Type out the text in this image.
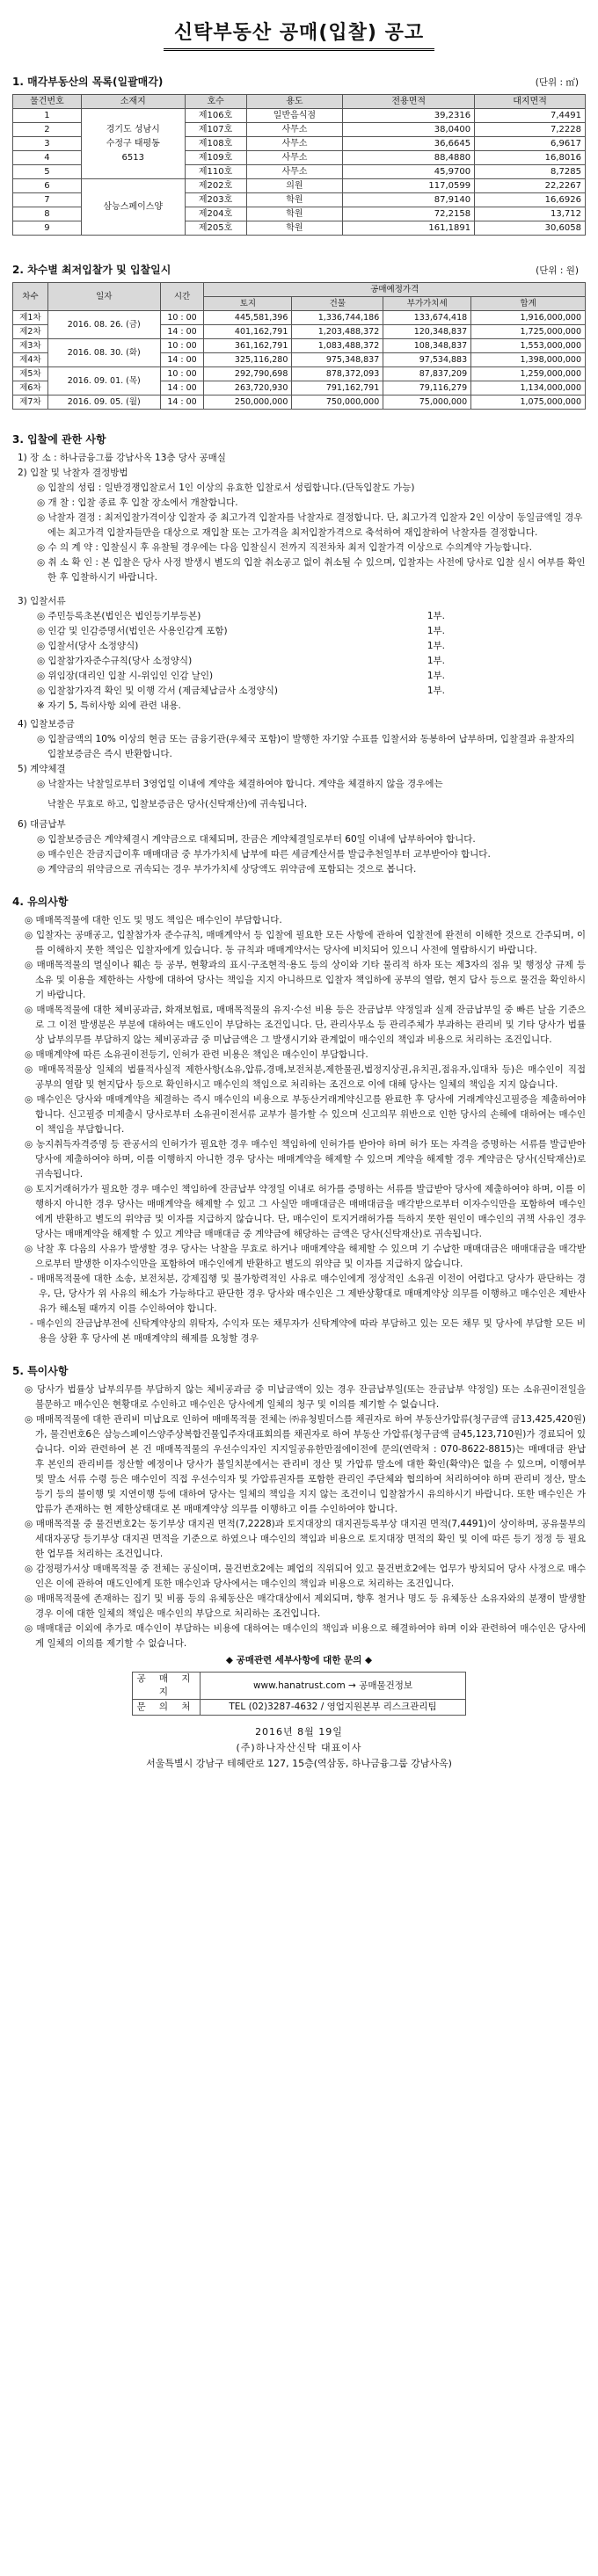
신탁부동산 공매(입찰) 공고
1. 매각부동산의 목록(일괄매각)	(단위 : ㎡)
물건번호	소재지	호수	용도	전용면적	대지면적
1	경기도 성남시
수정구 태평동
6513	제106호	일반음식점	39,2316	7,4491
2		제107호	사무소	38,0400	7,2228
3		제108호	사무소	36,6645	6,9617
4		제109호	사무소	88,4880	16,8016
5		제110호	사무소	45,9700	8,7285
6	삼능스페이스양	제202호	의원	117,0599	22,2267
7		제203호	학원	87,9140	16,6926
8		제204호	학원	72,2158	13,712
9		제205호	학원	161,1891	30,6058
2. 차수별 최저입찰가 및 입찰일시	(단위 : 원)
차수	일자	시간	공매예정가격			
			토지	건물	부가가치세	합계
제1차	2016. 08. 26. (금)	10 : 00	445,581,396	1,336,744,186	133,674,418	1,916,000,000
제2차		14 : 00	401,162,791	1,203,488,372	120,348,837	1,725,000,000
제3차	2016. 08. 30. (화)	10 : 00	361,162,791	1,083,488,372	108,348,837	1,553,000,000
제4차		14 : 00	325,116,280	975,348,837	97,534,883	1,398,000,000
제5차	2016. 09. 01. (목)	10 : 00	292,790,698	878,372,093	87,837,209	1,259,000,000
제6차		14 : 00	263,720,930	791,162,791	79,116,279	1,134,000,000
제7차	2016. 09. 05. (월)	14 : 00	250,000,000	750,000,000	75,000,000	1,075,000,000
3. 입찰에 관한 사항
1) 장 소 : 하나금융그룹 강남사옥 13층 당사 공매실
2) 입찰 및 낙찰자 결정방법
◎ 입찰의 성립 : 일반경쟁입찰로서 1인 이상의 유효한 입찰로서 성립합니다.(단독입찰도 가능)
◎ 개 찰 : 입찰 종료 후 입찰 장소에서 개찰합니다.
◎ 낙찰자 결정 : 최저입찰가격이상 입찰자 중 최고가격 입찰자를 낙찰자로 결정합니다. 단, 최고가격 입찰자 2인 이상이 동일금액일 경우에는 최고가격 입찰자들만을 대상으로 재입찰 또는 고가격을 최저입찰가격으로 축석하여 재입찰하여 낙찰자를 결정합니다.
◎ 수 의 계 약 : 입찰실시 후 유찰될 경우에는 다음 입찰실시 전까지 직전차차 최저 입찰가격 이상으로 수의계약 가능합니다.
◎ 취 소 확 인 : 본 입찰은 당사 사정 발생시 별도의 입찰 취소공고 없이 취소될 수 있으며, 입찰자는 사전에 당사로 입찰 실시 여부를 확인한 후 입찰하시기 바랍니다.
3) 입찰서류
◎ 주민등록초본(법인은 법인등기부등본)	1부.
◎ 인감 및 인감증명서(법인은 사용인감계 포함)	1부.
◎ 입찰서(당사 소정양식)	1부.
◎ 입찰참가자준수규칙(당사 소정양식)	1부.
◎ 위임장(대리인 입찰 시-위임인 인감 날인)	1부.
◎ 입찰참가자격 확인 및 이행 각서 (제금체납금사 소정양식)	1부.
※ 자기 5, 특히사항 외에 관련 내용.
4) 입찰보증금
◎ 입찰금액의 10% 이상의 현금 또는 금융기관(우체국 포함)이 발행한 자기앞 수표를 입찰서와 동봉하여 납부하며, 입찰결과 유찰자의 입찰보증금은 즉시 반환합니다.
5) 계약체결
◎ 낙찰자는 낙찰일로부터 3영업일 이내에 계약을 체결하여야 합니다. 계약을 체결하지 않을 경우에는
낙찰은 무효로 하고, 입찰보증금은 당사(신탁재산)에 귀속됩니다.
6) 대금납부
◎ 입찰보증금은 계약체결시 계약금으로 대체되며, 잔금은 계약체결일로부터 60일 이내에 납부하여야 합니다.
◎ 매수인은 잔금지급이후 매매대금 중 부가가치세 납부에 따른 세금계산서를 발급추천일부터 교부받아야 합니다.
◎ 계약금의 위약금으로 귀속되는 경우 부가가치세 상당액도 위약금에 포함되는 것으로 봅니다.
4. 유의사항
◎ 매매목적물에 대한 인도 및 명도 책임은 매수인이 부담합니다.
◎ 입찰자는 공매공고, 입찰참가자 준수규칙, 매매계약서 등 입찰에 필요한 모든 사항에 관하여 입찰전에 완전히 이해한 것으로 간주되며, 이를 이해하지 못한 책임은 입찰자에게 있습니다. 동 규칙과 매매계약서는 당사에 비치되어 있으니 사전에 열람하시기 바랍니다.
◎ 매매목적물의 멸실이나 훼손 등 공부, 현황과의 표시·구조현적·용도 등의 상이와 기타 물리적 하자 또는 제3자의 점유 및 행정상 규제 등 소유 및 이용을 제한하는 사항에 대하여 당사는 책임을 지지 아니하므로 입찰자 책임하에 공부의 열람, 현지 답사 등으로 물건을 확인하시기 바랍니다.
◎ 매매목적물에 대한 체비공과금, 화재보험료, 매매목적물의 유지·수선 비용 등은 잔금납부 약정일과 실제 잔금납부일 중 빠른 날을 기준으로 그 이전 발생분은 부분에 대하여는 매도인이 부담하는 조건입니다. 단, 관리사무소 등 관리주체가 부과하는 관리비 및 기타 당사가 법률상 납부의무를 부담하지 않는 체비공과금 중 미납금액은 그 발생시기와 관계없이 매수인의 책임과 비용으로 처리하는 조건입니다.
◎ 매매계약에 따른 소유권이전등기, 인허가 관련 비용은 책임은 매수인이 부담합니다.
◎ 매매목적물상 일체의 법률적사실적 제한사항(소유,압류,경매,보전처분,제한물권,법정지상권,유치권,점유자,임대차 등)은 매수인이 직접 공부의 열람 및 현지답사 등으로 확인하시고 매수인의 책임으로 처리하는 조건으로 이에 대해 당사는 일체의 책임을 지지 않습니다.
◎ 매수인은 당사와 매매계약을 체결하는 즉시 매수인의 비용으로 부동산거래계약신고를 완료한 후 당사에 거래계약신고필증을 제출하여야 합니다. 신고필증 미제출시 당사로부터 소유권이전서류 교부가 불가할 수 있으며 신고의무 위반으로 인한 당사의 손해에 대하여는 매수인이 책임을 부담합니다.
◎ 농지취득자격증명 등 관공서의 인허가가 필요한 경우 매수인 책임하에 인허가를 받아야 하며 허가 또는 자격을 증명하는 서류를 발급받아 당사에 제출하여야 하며, 이를 이행하지 아니한 경우 당사는 매매계약을 해제할 수 있으며 계약을 해제할 경우 계약금은 당사(신탁재산)로 귀속됩니다.
◎ 토지거래허가가 필요한 경우 매수인 책임하에 잔금납부 약정일 이내로 허가를 증명하는 서류를 발급받아 당사에 제출하여야 하며, 이를 이행하지 아니한 경우 당사는 매매계약을 해제할 수 있고 그 사실만 매매대금은 매매대금을 매각받으로부터 이자수익만을 포함하여 매수인에게 반환하고 별도의 위약금 및 이자를 지급하지 않습니다. 단, 매수인이 토지거래허가를 득하지 못한 원인이 매수인의 귀책 사유인 경우 당사는 매매계약을 해제할 수 있고 계약금 매매대금 중 계약금에 해당하는 금액은 당사(신탁재산)로 귀속됩니다.
◎ 낙찰 후 다음의 사유가 발생할 경우 당사는 낙찰을 무효로 하거나 매매계약을 해제할 수 있으며 기 수납한 매매대금은 매매대금을 매각받으로부터 발생한 이자수익만을 포함하여 매수인에게 반환하고 별도의 위약금 및 이자를 지급하지 않습니다.
- 매매목적물에 대한 소송, 보전처분, 강제집행 및 불가항력적인 사유로 매수인에게 정상적인 소유권 이전이 어렵다고 당사가 판단하는 경우, 단, 당사가 위 사유의 해소가 가능하다고 판단한 경우 당사와 매수인은 그 제반상황대로 매매계약상 의무를 이행하고 매수인은 제반사유가 해소될 때까지 이를 수인하여야 합니다.
- 매수인의 잔금납부전에 신탁계약상의 위탁자, 수익자 또는 채무자가 신탁계약에 따라 부담하고 있는 모든 채무 및 당사에 부담할 모든 비용을 상환 후 당사에 본 매매계약의 해제를 요청할 경우
5. 특이사항
◎ 당사가 법률상 납부의무를 부담하지 않는 체비공과금 중 미납금액이 있는 경우 잔금납부일(또는 잔금납부 약정일) 또는 소유권이전일을 불문하고 매수인은 현황대로 수인하고 매수인은 당사에게 일체의 청구 및 이의를 제기할 수 없습니다.
◎ 매매목적물에 대한 관리비 미납요로 인하여 매매목적물 전체는 ㈜유청빌더스를 채권자로 하여 부동산가압류(청구금액 금13,425,420원)가, 물건번호6은 삼능스페이스양주상복합건물입주자대표회의를 채권자로 하여 부동산 가압류(청구금액 금45,123,710원)가 경료되어 있습니다. 이와 관련하여 본 건 매매목적물의 우선수익자인 지지일공유한만점에이전에 문의(연락처 : 070-8622-8815)는 매매대금 완납 후 본인의 관리비를 정산할 예정이나 당사가 불일치분에서는 관리비 정산 및 가압류 말소에 대한 확인(확약)은 없을 수 있으며, 이행여부 및 말소 서류 수령 등은 매수인이 직접 우선수익자 및 가압류권자를 포함한 관리인 주단체와 협의하여 처리하여야 하며 관리비 정산, 말소 등기 등의 불이행 및 지연이행 등에 대하여 당사는 일체의 책임을 지지 않는 조건이니 입찰참가시 유의하시기 바랍니다. 또한 매수인은 가압류가 존재하는 현 제한상태대로 본 매매계약상 의무를 이행하고 이를 수인하여야 합니다.
◎ 매매목적물 중 물건번호2는 동기부상 대지권 면적(7,2228)과 토지대장의 대지권등록부상 대지권 면적(7,4491)이 상이하며, 공유물부의 세대자공당 등기부상 대지권 면적을 기준으로 하였으나 매수인의 책임과 비용으로 토지대장 면적의 확인 및 이에 따른 등기 정정 등 필요한 업무를 처리하는 조건입니다.
◎ 감정평가서상 매매목적물 중 전체는 공실이며, 물건번호2에는 폐업의 직위되어 있고 물건번호2에는 업무가 방치되어 당사 사정으로 매수인은 이에 관하여 매도인에게 또한 매수인과 당사에서는 매수인의 책임과 비용으로 처리하는 조건입니다.
◎ 매매목적물에 존재하는 집기 및 비품 등의 유체동산은 매각대상에서 제외되며, 향후 철거나 명도 등 유체동산 소유자와의 분쟁이 발생할 경우 이에 대한 일체의 책임은 매수인의 부담으로 처리하는 조건입니다.
◎ 매매대금 이외에 추가로 매수인이 부담하는 비용에 대하여는 매수인의 책임과 비용으로 해결하여야 하며 이와 관련하여 매수인은 당사에게 일체의 이의를 제기할 수 없습니다.
◆ 공매관련 세부사항에 대한 문의 ◆
공 매 지 지	www.hanatrust.com → 공매물건정보
문 의 처	TEL (02)3287-4632 / 영업지원본부 리스크관리팀
2016년 8월 19일
(주)하나자산신탁 대표이사
서울특별시 강남구 테헤란로 127, 15층(역삼동, 하나금융그룹 강남사옥)
